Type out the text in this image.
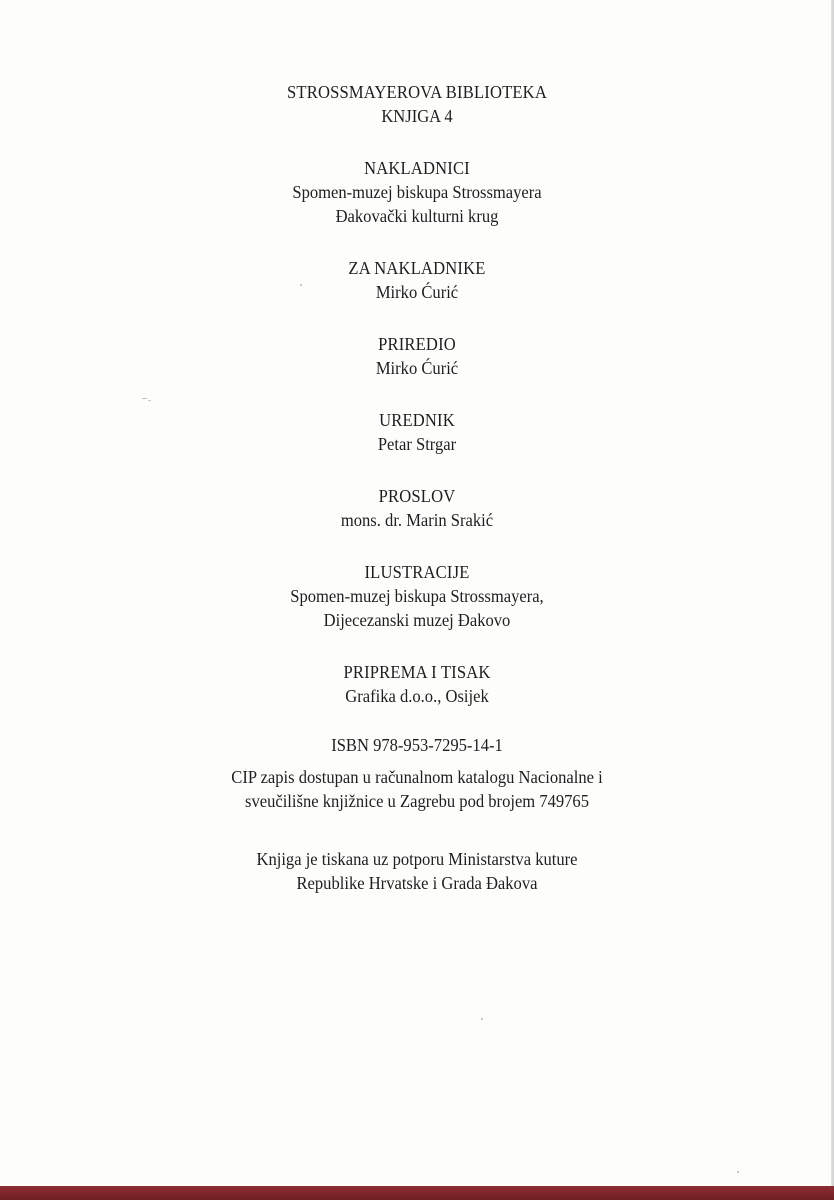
STROSSMAYEROVA BIBLIOTEKA
KNJIGA 4
NAKLADNICI
Spomen-muzej biskupa Strossmayera
Đakovački kulturni krug
ZA NAKLADNIKE
Mirko Ćurić
PRIREDIO
Mirko Ćurić
UREDNIK
Petar Strgar
PROSLOV
mons. dr. Marin Srakić
ILUSTRACIJE
Spomen-muzej biskupa Strossmayera,
Dijecezanski muzej Đakovo
PRIPREMA I TISAK
Grafika d.o.o., Osijek
ISBN 978-953-7295-14-1
CIP zapis dostupan u računalnom katalogu Nacionalne i
sveučilišne knjižnice u Zagrebu pod brojem 749765
Knjiga je tiskana uz potporu Ministarstva kuture
Republike Hrvatske i Grada Đakova
